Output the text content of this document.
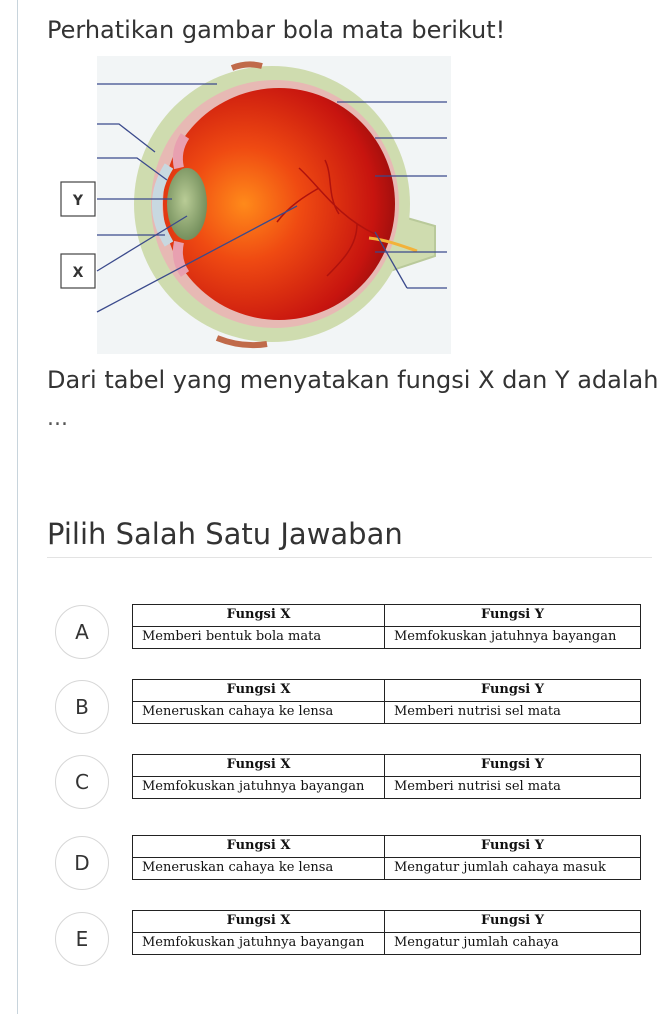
Perhatikan gambar bola mata berikut!
Y
X
Dari tabel yang menyatakan fungsi X dan Y adalah
...
Pilih Salah Satu Jawaban
A
Fungsi X	Fungsi Y
Memberi bentuk bola mata	Memfokuskan jatuhnya bayangan
B
Fungsi X	Fungsi Y
Meneruskan cahaya ke lensa	Memberi nutrisi sel mata
C
Fungsi X	Fungsi Y
Memfokuskan jatuhnya bayangan	Memberi nutrisi sel mata
D
Fungsi X	Fungsi Y
Meneruskan cahaya ke lensa	Mengatur jumlah cahaya masuk
E
Fungsi X	Fungsi Y
Memfokuskan jatuhnya bayangan	Mengatur jumlah cahaya
